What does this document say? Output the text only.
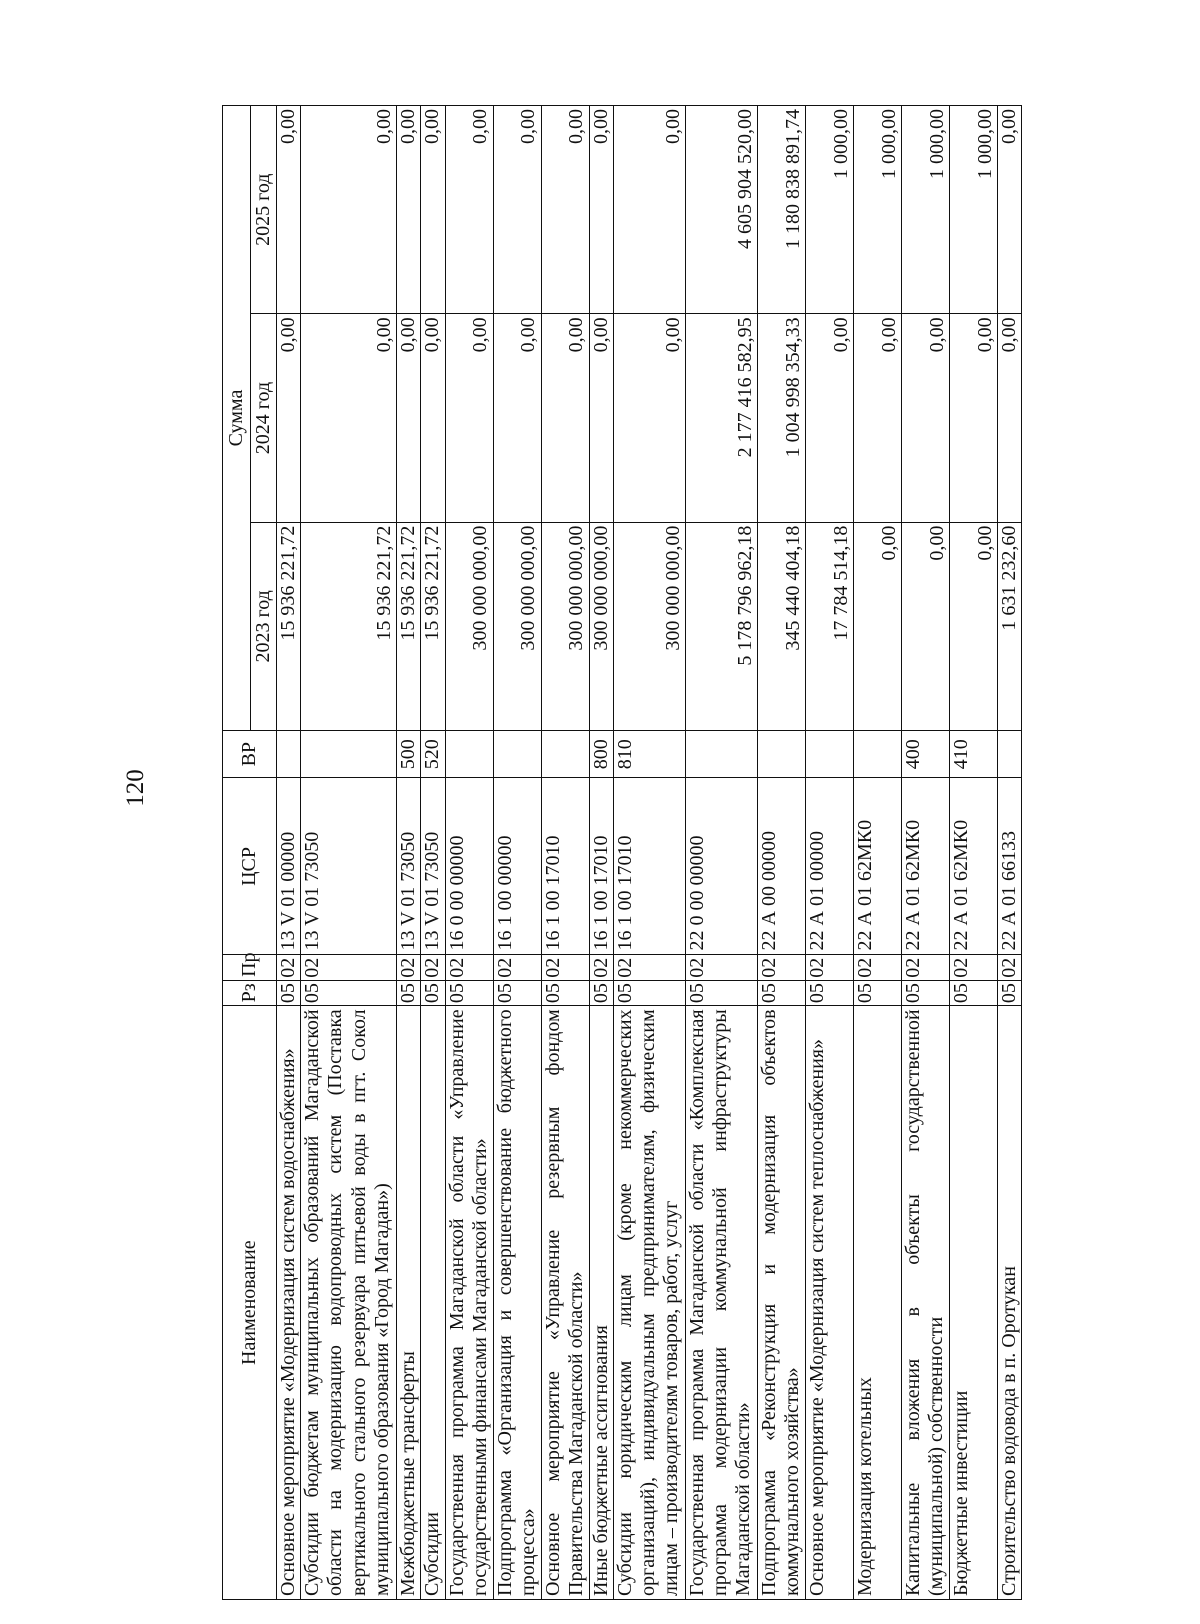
120
Наименование	Рз	Пр	ЦСР	ВР	Сумма		
					2023 год	2024 год	2025 год
Основное мероприятие «Модернизация систем водоснабжения»	05	02	13 V 01 00000		15 936 221,72	0,00	0,00
Субсидии бюджетам муниципальных образований Магаданской области на модернизацию водопроводных систем (Поставка вертикального стального резервуара питьевой воды в пгт. Сокол муниципального образования «Город Магадан»)	05	02	13 V 01 73050		15 936 221,72	0,00	0,00
Межбюджетные трансферты	05	02	13 V 01 73050	500	15 936 221,72	0,00	0,00
Субсидии	05	02	13 V 01 73050	520	15 936 221,72	0,00	0,00
Государственная программа Магаданской области «Управление государственными финансами Магаданской области»	05	02	16 0 00 00000		300 000 000,00	0,00	0,00
Подпрограмма «Организация и совершенствование бюджетного процесса»	05	02	16 1 00 00000		300 000 000,00	0,00	0,00
Основное мероприятие «Управление резервным фондом Правительства Магаданской области»	05	02	16 1 00 17010		300 000 000,00	0,00	0,00
Иные бюджетные ассигнования	05	02	16 1 00 17010	800	300 000 000,00	0,00	0,00
Субсидии юридическим лицам (кроме некоммерческих организаций), индивидуальным предпринимателям, физическим лицам – производителям товаров, работ, услуг	05	02	16 1 00 17010	810	300 000 000,00	0,00	0,00
Государственная программа Магаданской области «Комплексная программа модернизации коммунальной инфраструктуры Магаданской области»	05	02	22 0 00 00000		5 178 796 962,18	2 177 416 582,95	4 605 904 520,00
Подпрограмма «Реконструкция и модернизация объектов коммунального хозяйства»	05	02	22 А 00 00000		345 440 404,18	1 004 998 354,33	1 180 838 891,74
Основное мероприятие «Модернизация систем теплоснабжения»	05	02	22 А 01 00000		17 784 514,18	0,00	1 000,00
Модернизация котельных	05	02	22 А 01 62МК0		0,00	0,00	1 000,00
Капитальные вложения в объекты государственной (муниципальной) собственности	05	02	22 А 01 62МК0	400	0,00	0,00	1 000,00
Бюджетные инвестиции	05	02	22 А 01 62МК0	410	0,00	0,00	1 000,00
Строительство водовода в п. Оротукан	05	02	22 А 01 66133		1 631 232,60	0,00	0,00
